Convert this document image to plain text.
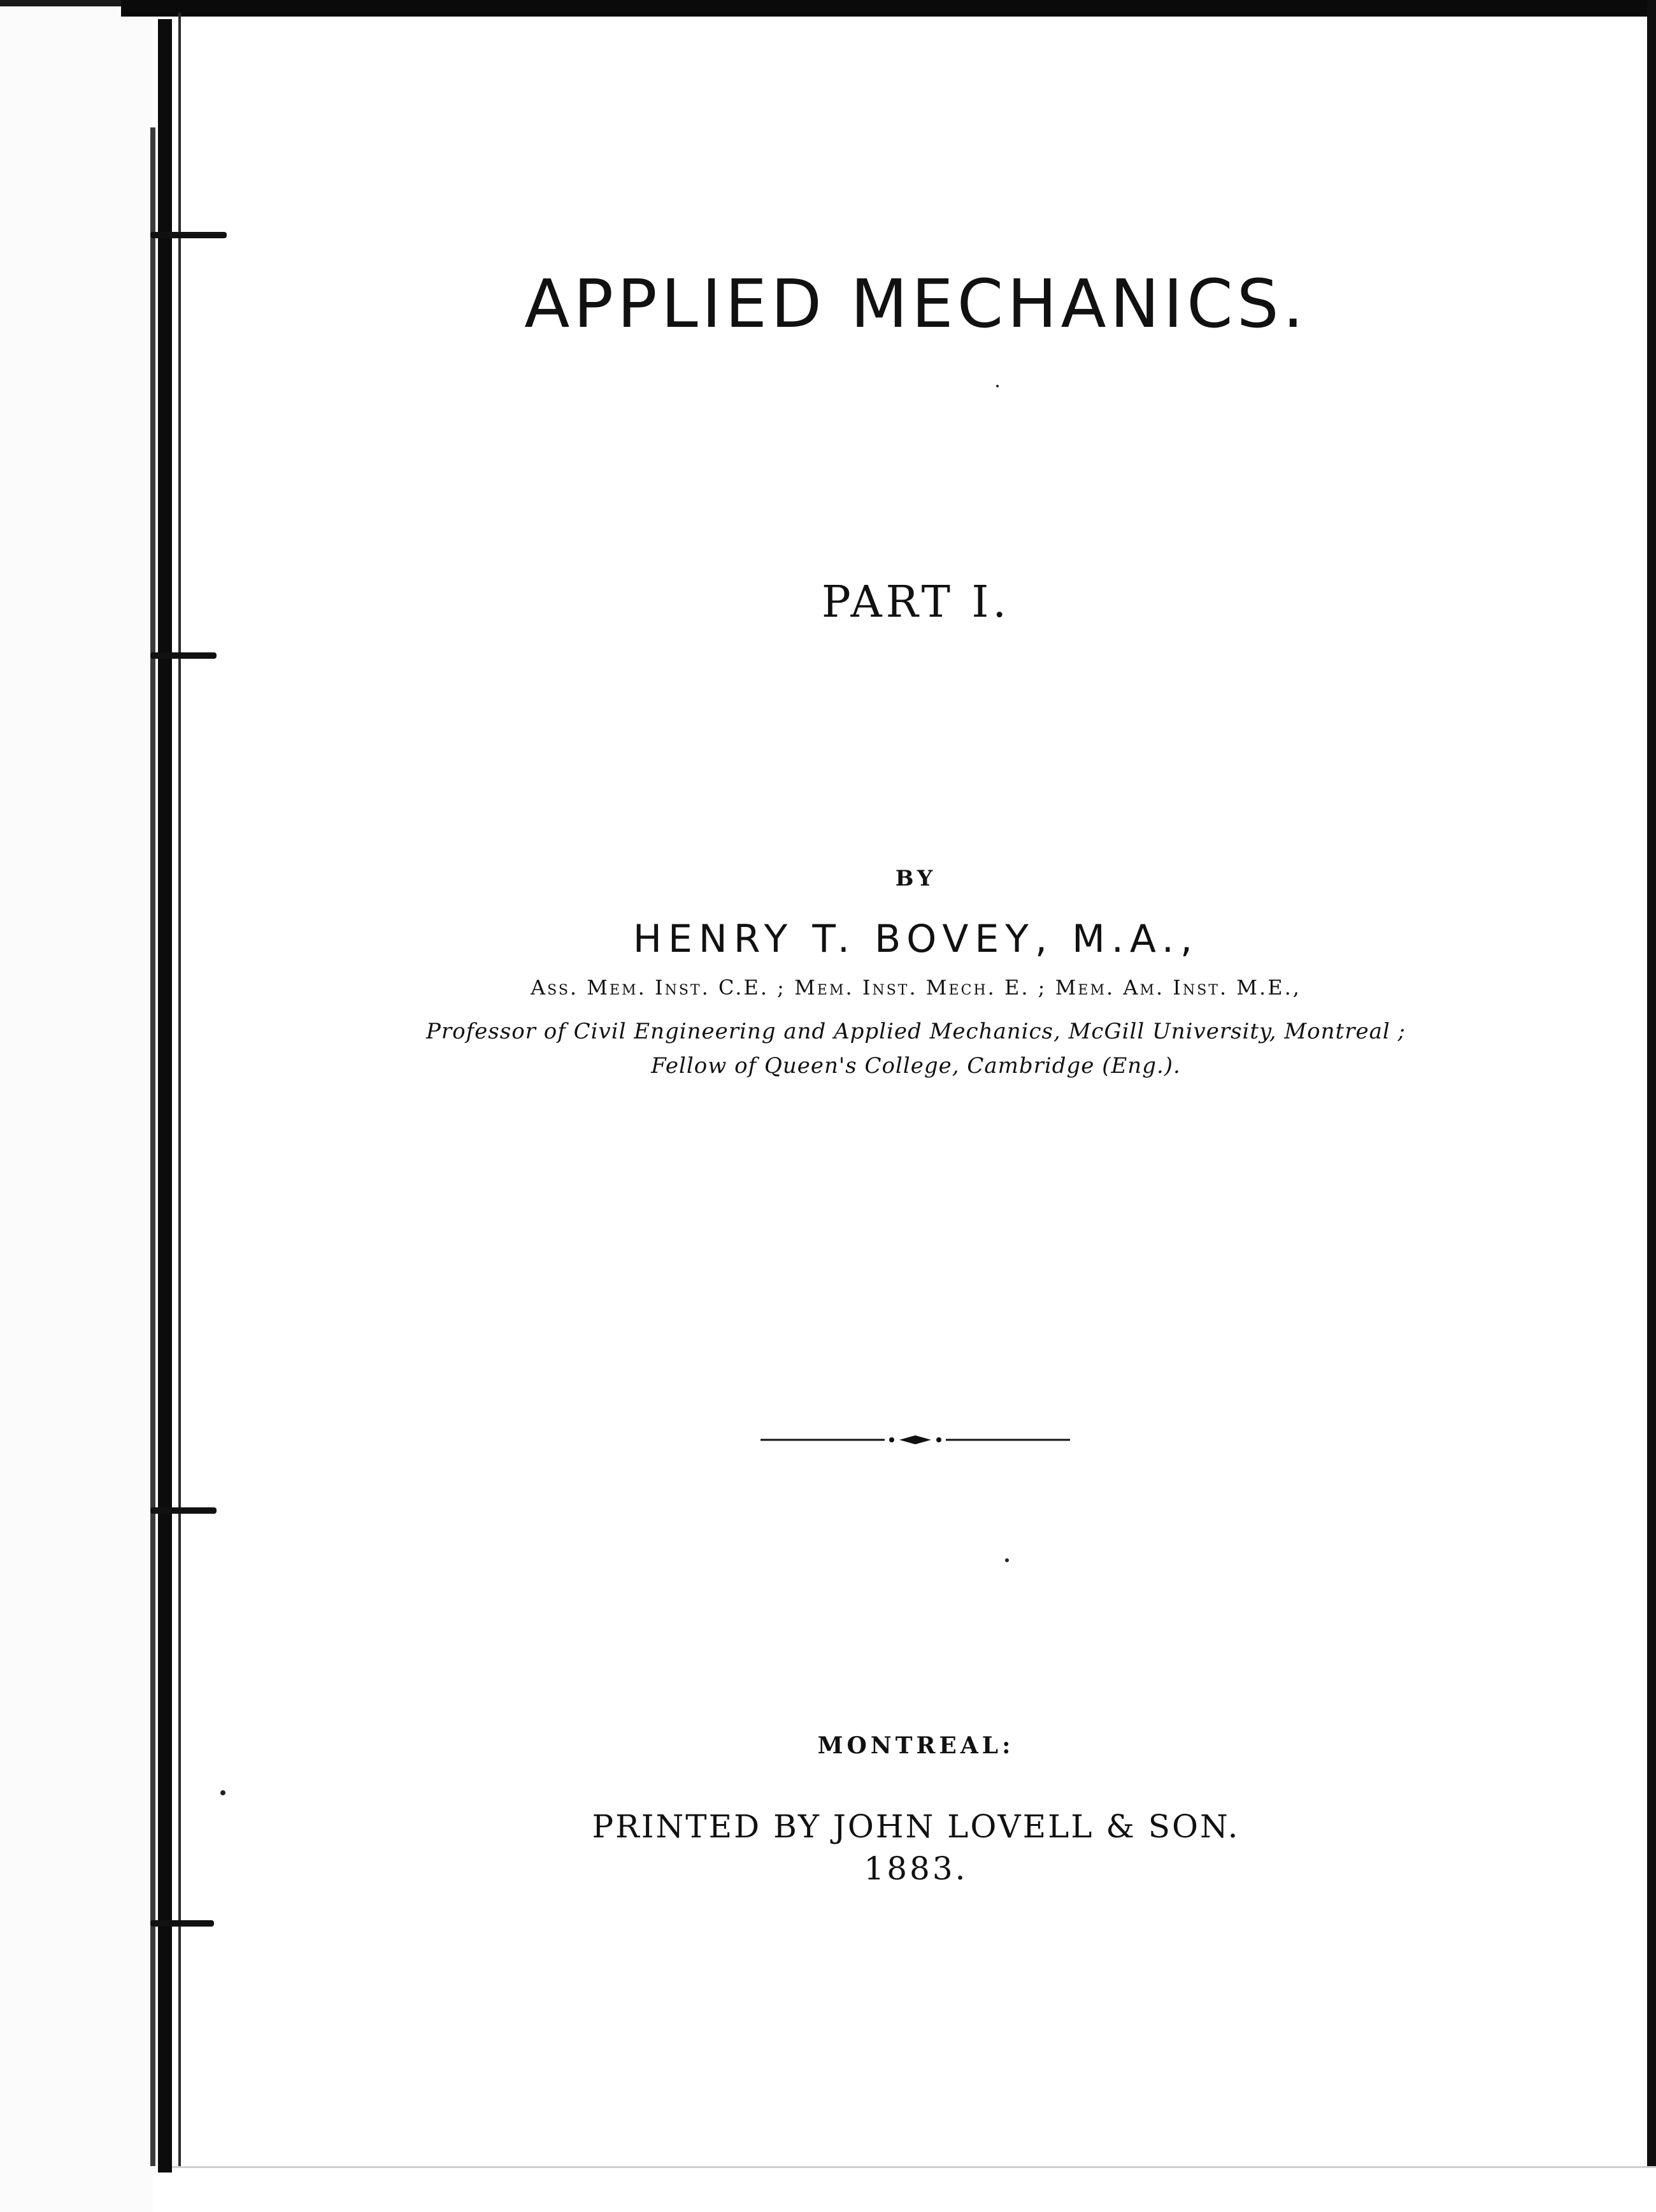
APPLIED MECHANICS.
PART I.
BY
HENRY T. BOVEY, M.A.,
Ass. Mem. Inst. C.E. ; Mem. Inst. Mech. E. ; Mem. Am. Inst. M.E.,
Professor of Civil Engineering and Applied Mechanics, McGill University, Montreal ;
Fellow of Queen's College, Cambridge (Eng.).
MONTREAL:
PRINTED BY JOHN LOVELL & SON.
1883.
